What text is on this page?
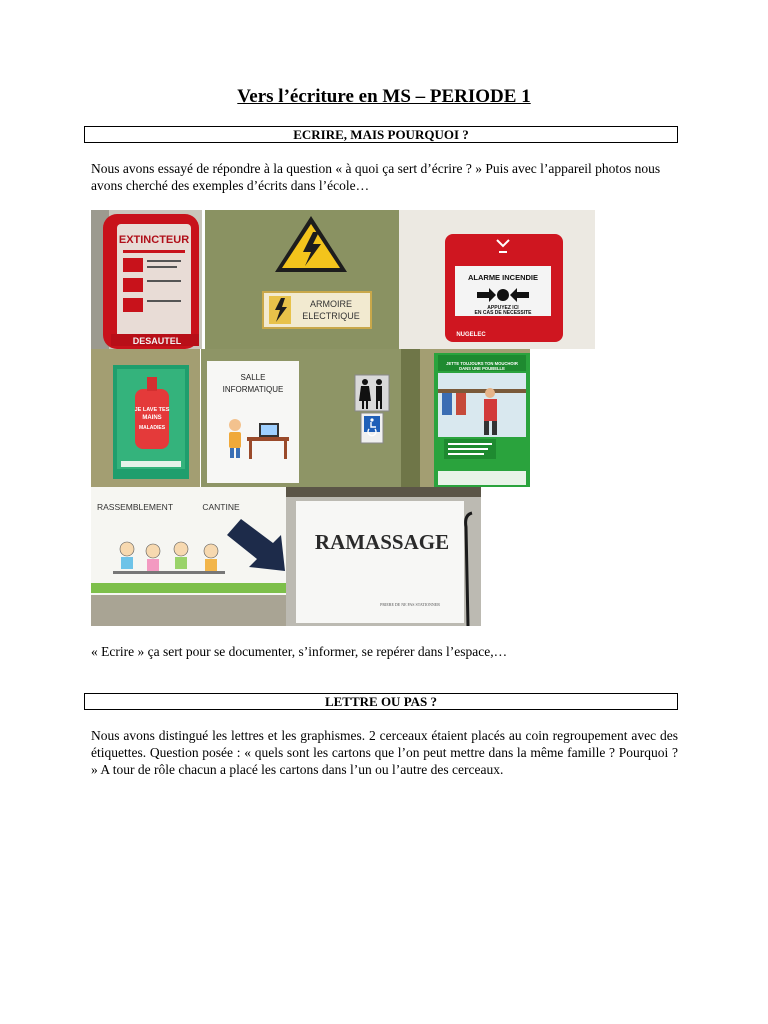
Vers l’écriture en MS – PERIODE 1
ECRIRE, MAIS POURQUOI ?
Nous avons essayé de répondre à la question « à quoi ça sert d’écrire ? » Puis avec l’appareil photos nous avons cherché des exemples d’écrits dans l’école…
EXTINCTEUR
DESAUTEL
ARMOIRE
ELECTRIQUE
ALARME INCENDIE
APPUYEZ ICI
EN CAS DE NECESSITE
NUGELEC
JE LAVE TES
MAINS
MALADIES
SALLE
INFORMATIQUE
JETTE TOUJOURS TON MOUCHOIR
DANS UNE POUBELLE
RASSEMBLEMENT	CANTINE
RAMASSAGE
PRIERE DE NE PAS STATIONNER
« Ecrire » ça sert pour se documenter, s’informer, se repérer dans l’espace,…
LETTRE OU PAS ?
Nous avons distingué les lettres et les graphismes. 2 cerceaux étaient placés au coin regroupement avec des étiquettes. Question posée : « quels sont les cartons que l’on peut mettre dans la même famille ? Pourquoi ? » A tour de rôle chacun a placé les cartons dans l’un ou l’autre des cerceaux.
